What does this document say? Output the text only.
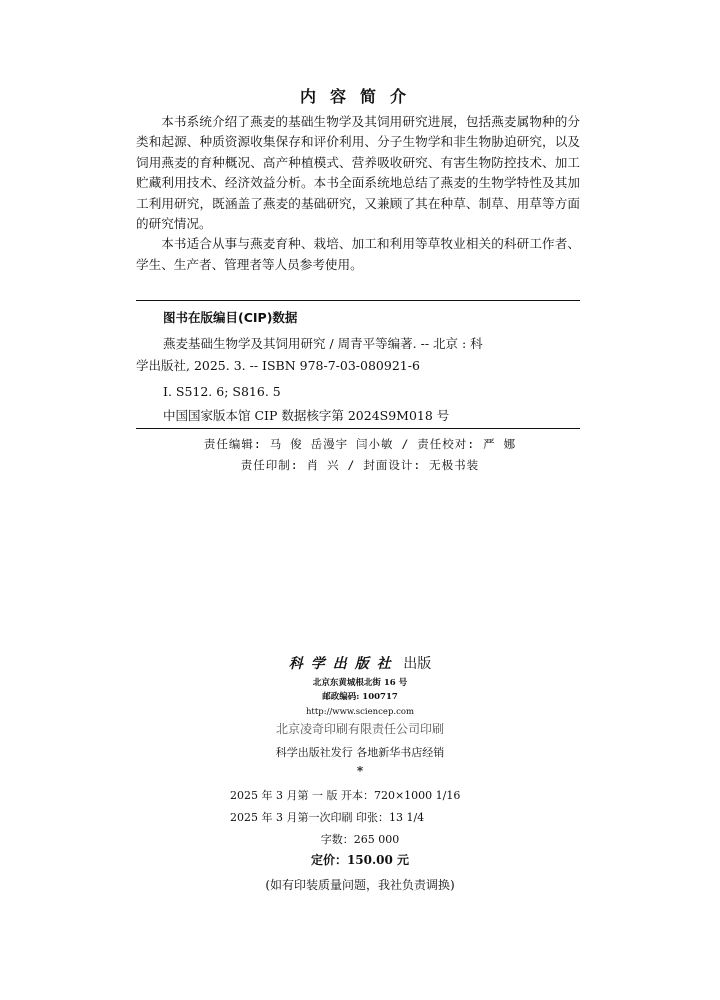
内容简介

本书系统介绍了燕麦的基础生物学及其饲用研究进展，包括燕麦属物种的分类和起源、种质资源收集保存和评价利用、分子生物学和非生物胁迫研究，以及饲用燕麦的育种概况、高产种植模式、营养吸收研究、有害生物防控技术、加工贮藏利用技术、经济效益分析。本书全面系统地总结了燕麦的生物学特性及其加工利用研究，既涵盖了燕麦的基础研究，又兼顾了其在种草、制草、用草等方面的研究情况。

本书适合从事与燕麦育种、栽培、加工和利用等草牧业相关的科研工作者、学生、生产者、管理者等人员参考使用。

图书在版编目(CIP)数据
燕麦基础生物学及其饲用研究 / 周青平等编著. -- 北京 : 科
学出版社, 2025. 3. -- ISBN 978-7-03-080921-6
Ⅰ. S512. 6; S816. 5
中国国家版本馆 CIP 数据核字第 2024S9M018 号
责任编辑: 马 俊 岳漫宇 闫小敏 / 责任校对: 严 娜
责任印制: 肖 兴 / 封面设计: 无极书装
科学出版社 出版
北京东黄城根北街 16 号
邮政编码: 100717
http://www.sciencep.com
北京凌奇印刷有限责任公司印刷
科学出版社发行 各地新华书店经销
*
2025 年 3 月第 一 版 开本：720×1000 1/16
2025 年 3 月第一次印刷 印张：13 1/4
字数：265 000
定价：150.00 元
(如有印装质量问题，我社负责调换)
